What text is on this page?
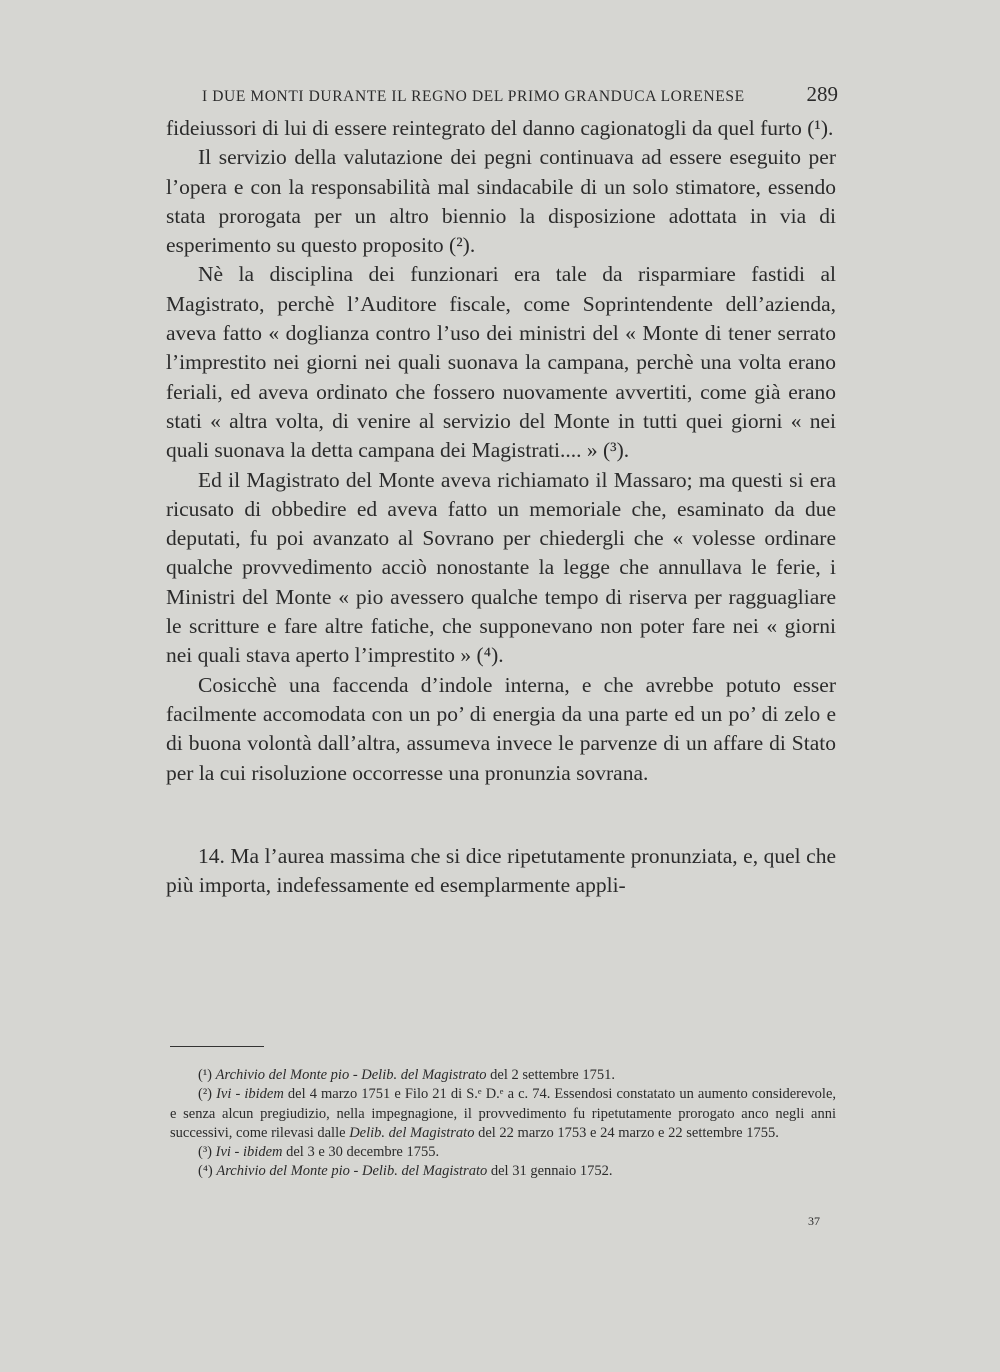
I DUE MONTI DURANTE IL REGNO DEL PRIMO GRANDUCA LORENESE	289

fideiussori di lui di essere reintegrato del danno cagionatogli da quel furto (¹).

Il servizio della valutazione dei pegni continuava ad essere eseguito per l’opera e con la responsabilità mal sindacabile di un solo stimatore, essendo stata prorogata per un altro biennio la disposizione adottata in via di esperimento su questo proposito (²).

Nè la disciplina dei funzionari era tale da risparmiare fastidi al Magistrato, perchè l’Auditore fiscale, come Soprintendente dell’azienda, aveva fatto « doglianza contro l’uso dei ministri del « Monte di tener serrato l’imprestito nei giorni nei quali suonava la campana, perchè una volta erano feriali, ed aveva ordinato che fossero nuovamente avvertiti, come già erano stati « altra volta, di venire al servizio del Monte in tutti quei giorni « nei quali suonava la detta campana dei Magistrati.... » (³).

Ed il Magistrato del Monte aveva richiamato il Massaro; ma questi si era ricusato di obbedire ed aveva fatto un memoriale che, esaminato da due deputati, fu poi avanzato al Sovrano per chiedergli che « volesse ordinare qualche provvedimento acciò nonostante la legge che annullava le ferie, i Ministri del Monte « pio avessero qualche tempo di riserva per ragguagliare le scritture e fare altre fatiche, che supponevano non poter fare nei « giorni nei quali stava aperto l’imprestito » (⁴).

Cosicchè una faccenda d’indole interna, e che avrebbe potuto esser facilmente accomodata con un po’ di energia da una parte ed un po’ di zelo e di buona volontà dall’altra, assumeva invece le parvenze di un affare di Stato per la cui risoluzione occorresse una pronunzia sovrana.

14. Ma l’aurea massima che si dice ripetutamente pronunziata, e, quel che più importa, indefessamente ed esemplarmente appli-

(¹) Archivio del Monte pio - Delib. del Magistrato del 2 settembre 1751.

(²) Ivi - ibidem del 4 marzo 1751 e Filo 21 di S.ᵉ D.ᵉ a c. 74. Essendosi constatato un aumento considerevole, e senza alcun pregiudizio, nella impegnagione, il provvedimento fu ripetutamente prorogato anco negli anni successivi, come rilevasi dalle Delib. del Magistrato del 22 marzo 1753 e 24 marzo e 22 settembre 1755.

(³) Ivi - ibidem del 3 e 30 decembre 1755.

(⁴) Archivio del Monte pio - Delib. del Magistrato del 31 gennaio 1752.

37
